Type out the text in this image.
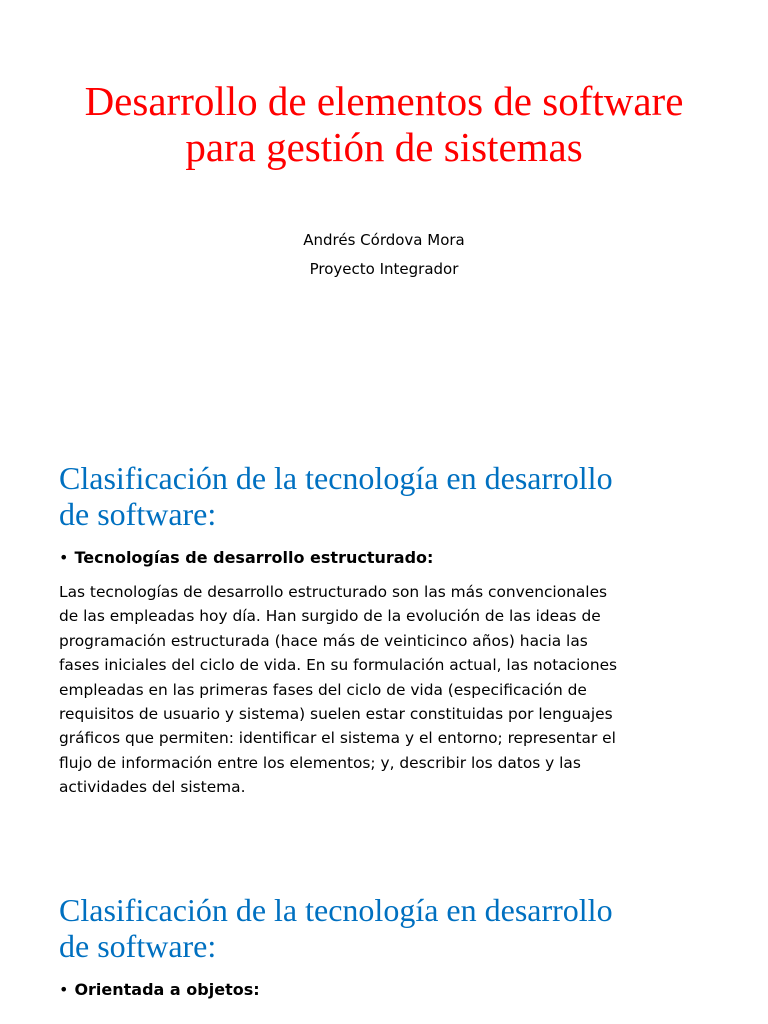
Desarrollo de elementos de software para gestión de sistemas
Andrés Córdova Mora
Proyecto Integrador
Clasificación de la tecnología en desarrollo
de software:
• Tecnologías de desarrollo estructurado:
Las tecnologías de desarrollo estructurado son las más convencionales
de las empleadas hoy día. Han surgido de la evolución de las ideas de
programación estructurada (hace más de veinticinco años) hacia las
fases iniciales del ciclo de vida. En su formulación actual, las notaciones
empleadas en las primeras fases del ciclo de vida (especificación de
requisitos de usuario y sistema) suelen estar constituidas por lenguajes
gráficos que permiten: identificar el sistema y el entorno; representar el
flujo de información entre los elementos; y, describir los datos y las
actividades del sistema.
Clasificación de la tecnología en desarrollo
de software:
• Orientada a objetos:
